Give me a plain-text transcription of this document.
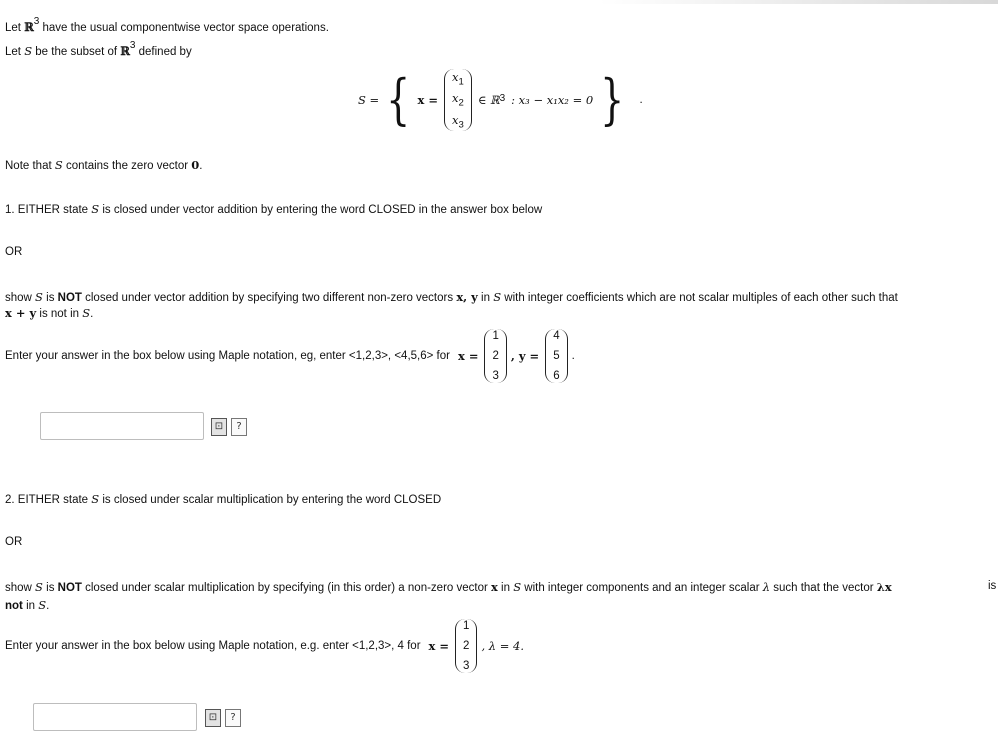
Let ℝ$^3$ have the usual componentwise vector space operations.
Let S be the subset of ℝ$^3$ defined by
S = { x =
$x_1$
$x_2$
$x_3$
∈ ℝ$^3$ : x₃ − x₁x₂ = 0 } .
Note that S contains the zero vector 0.
1. EITHER state S is closed under vector addition by entering the word CLOSED in the answer box below
OR
show S is NOT closed under vector addition by specifying two different non-zero vectors x, y in S with integer coefficients which are not scalar multiples of each other such that
x + y is not in S.
Enter your answer in the box below using Maple notation, eg, enter <1,2,3>, <4,5,6> for x =
1
2
3
, y =
4
5
6
.
⊡	?
2. EITHER state S is closed under scalar multiplication by entering the word CLOSED
OR
show S is NOT closed under scalar multiplication by specifying (in this order) a non-zero vector x in S with integer components and an integer scalar λ such that the vector λx	is
not in S.
Enter your answer in the box below using Maple notation, e.g. enter <1,2,3>, 4 for x =
1
2
3
, λ = 4.
⊡	?
